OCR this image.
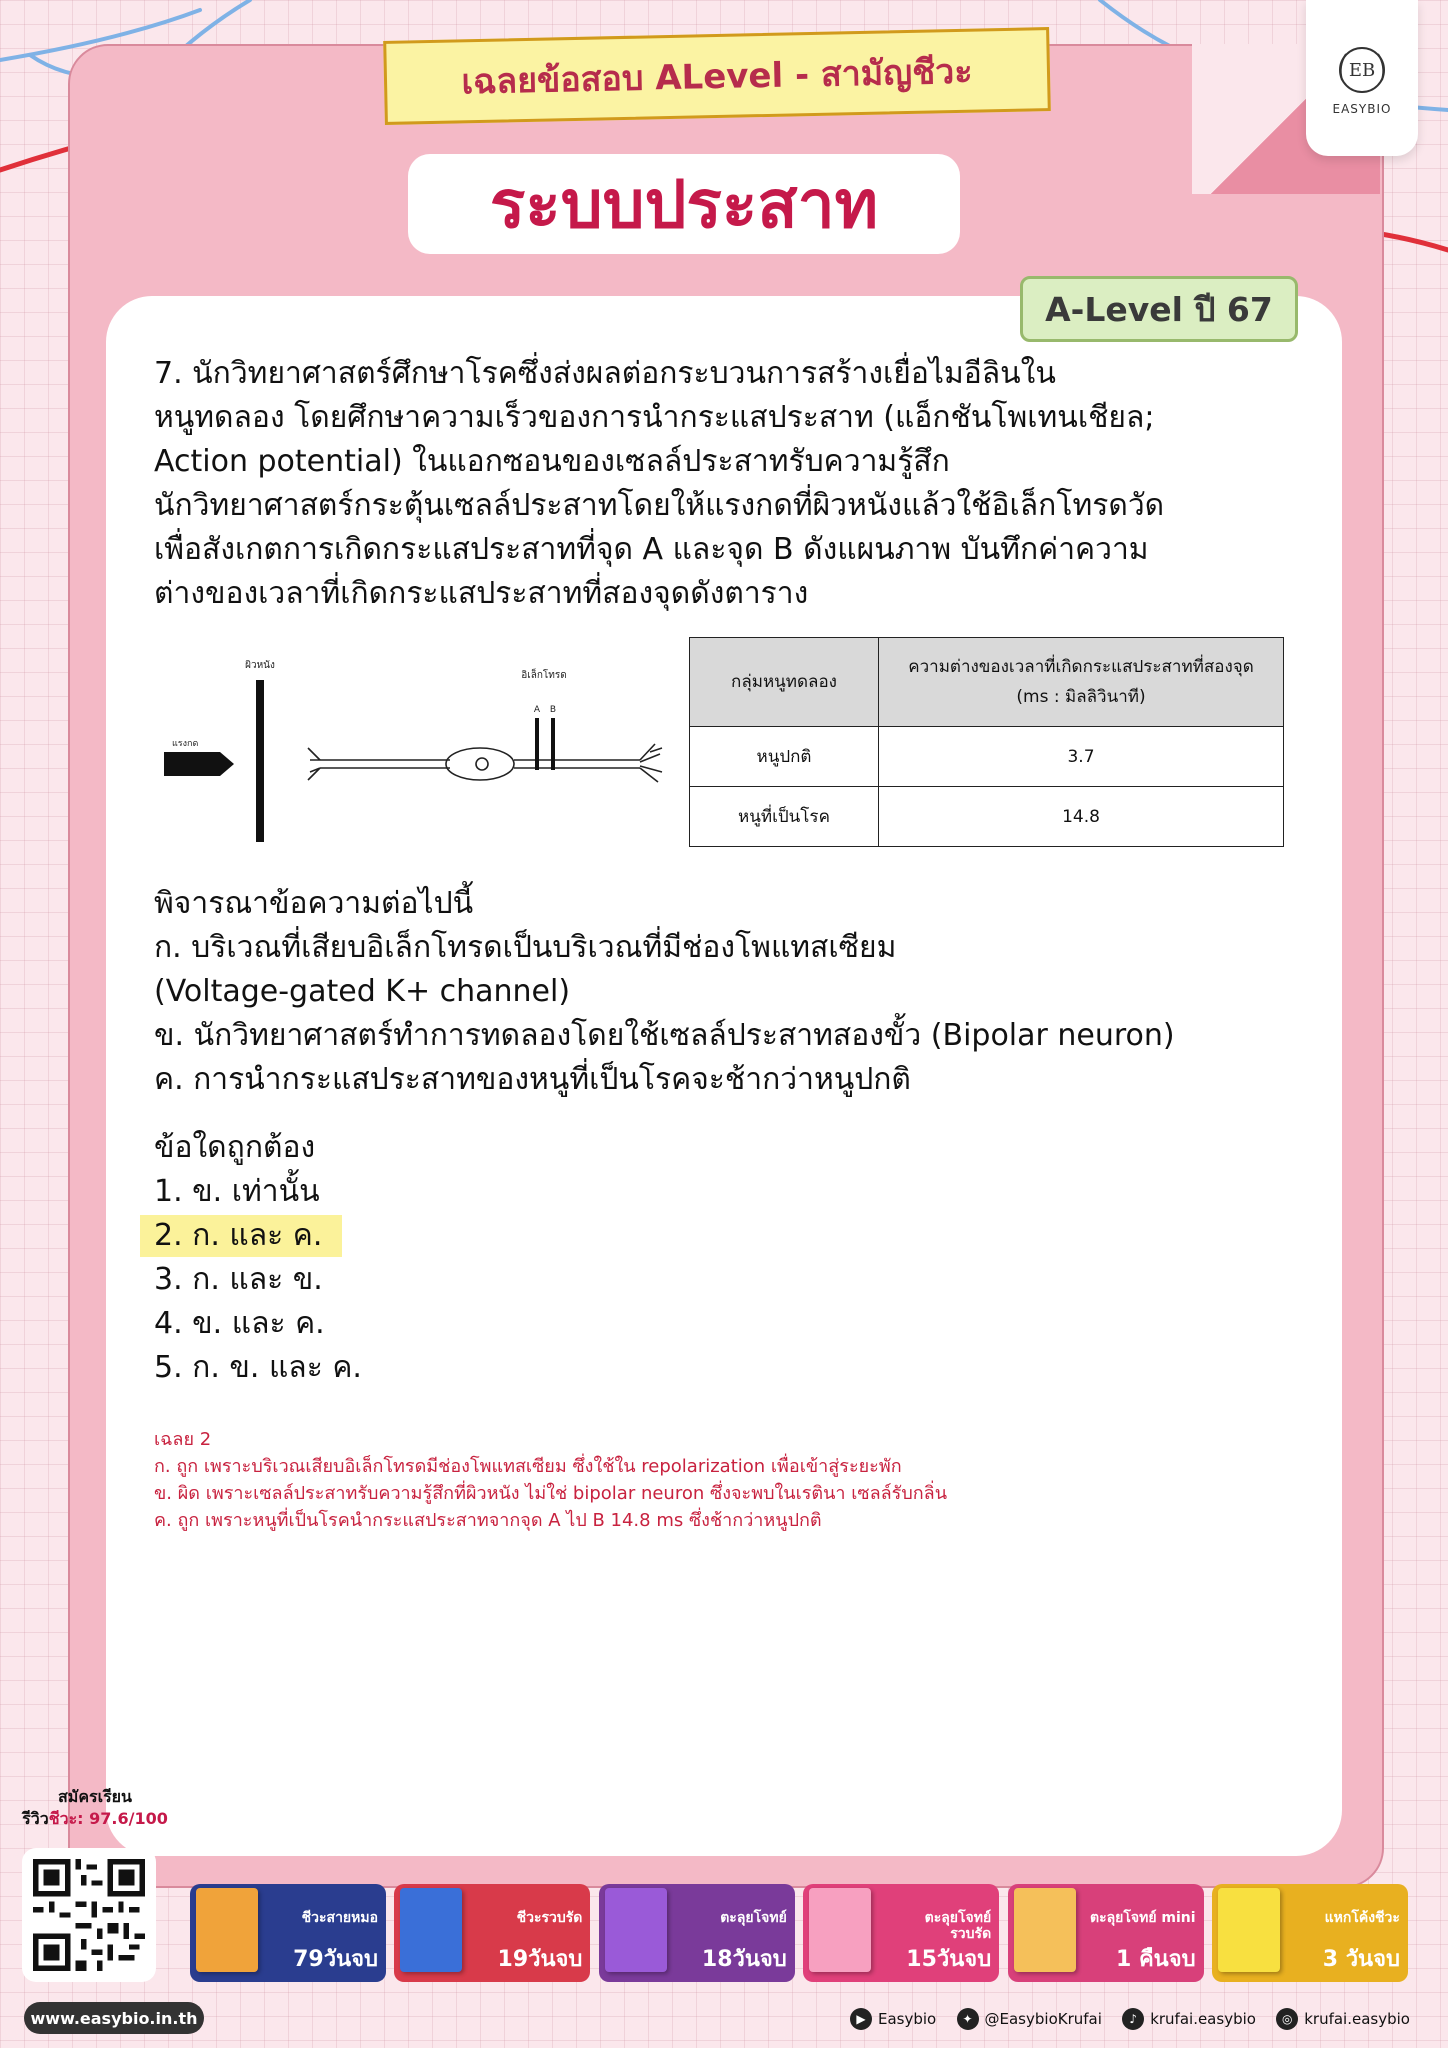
เฉลยข้อสอบ ALevel - สามัญชีวะ
ระบบประสาท
EB
EASYBIO
A-Level ปี 67
7. นักวิทยาศาสตร์ศึกษาโรคซึ่งส่งผลต่อกระบวนการสร้างเยื่อไมอีลินใน
หนูทดลอง โดยศึกษาความเร็วของการนำกระแสประสาท (แอ็กชันโพเทนเชียล;
Action potential) ในแอกซอนของเซลล์ประสาทรับความรู้สึก
นักวิทยาศาสตร์กระตุ้นเซลล์ประสาทโดยให้แรงกดที่ผิวหนังแล้วใช้อิเล็กโทรดวัด
เพื่อสังเกตการเกิดกระแสประสาทที่จุด A และจุด B ดังแผนภาพ บันทึกค่าความ
ต่างของเวลาที่เกิดกระแสประสาทที่สองจุดดังตาราง
ผิวหนัง
แรงกด
อิเล็กโทรด
A B
กลุ่มหนูทดลอง	ความต่างของเวลาที่เกิดกระแสประสาทที่สองจุด
(ms : มิลลิวินาที)
หนูปกติ	3.7
หนูที่เป็นโรค	14.8
พิจารณาข้อความต่อไปนี้
ก. บริเวณที่เสียบอิเล็กโทรดเป็นบริเวณที่มีช่องโพแทสเซียม
(Voltage-gated K+ channel)
ข. นักวิทยาศาสตร์ทำการทดลองโดยใช้เซลล์ประสาทสองขั้ว (Bipolar neuron)
ค. การนำกระแสประสาทของหนูที่เป็นโรคจะช้ากว่าหนูปกติ
ข้อใดถูกต้อง
1. ข. เท่านั้น
2. ก. และ ค.
3. ก. และ ข.
4. ข. และ ค.
5. ก. ข. และ ค.
เฉลย 2
ก. ถูก เพราะบริเวณเสียบอิเล็กโทรดมีช่องโพแทสเซียม ซึ่งใช้ใน repolarization เพื่อเข้าสู่ระยะพัก
ข. ผิด เพราะเซลล์ประสาทรับความรู้สึกที่ผิวหนัง ไม่ใช่ bipolar neuron ซึ่งจะพบในเรตินา เซลล์รับกลิ่น
ค. ถูก เพราะหนูที่เป็นโรคนำกระแสประสาทจากจุด A ไป B 14.8 ms ซึ่งช้ากว่าหนูปกติ
สมัครเรียน
รีวิวชีวะ: 97.6/100
ชีวะสายหมอ
79วันจบ
ชีวะรวบรัด
19วันจบ
ตะลุยโจทย์
18วันจบ
ตะลุยโจทย์ รวบรัด
15วันจบ
ตะลุยโจทย์ mini
1 คืนจบ
แหกโค้งชีวะ
3 วันจบ
www.easybio.in.th	▶ Easybio	✦ @EasybioKrufai	♪ krufai.easybio	◎ krufai.easybio
